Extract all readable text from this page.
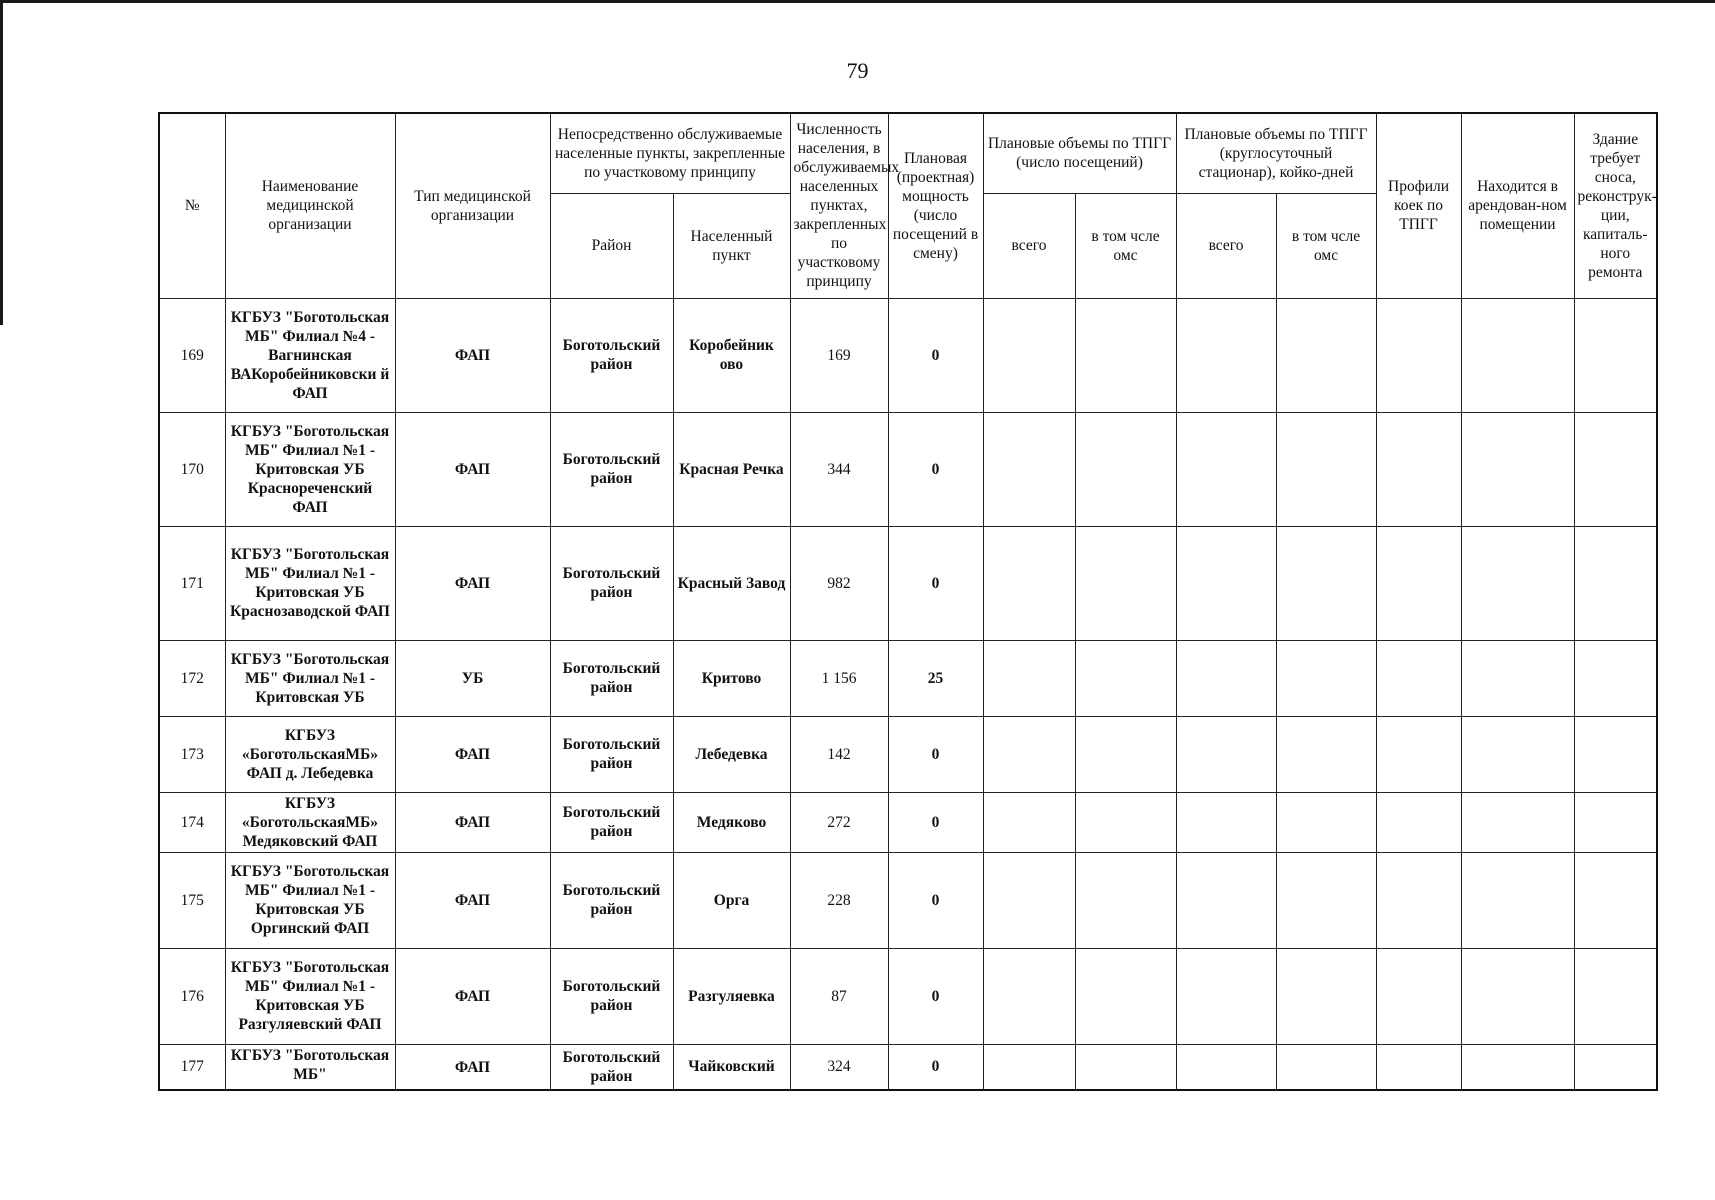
79
№	Наименование медицинской организации	Тип медицинской организации	Непосредственно обслуживаемые населенные пункты, закрепленные по участковому принципу		Численность населения, в обслуживаемых населенных пунктах, закрепленных по участковому принципу	Плановая (проектная) мощность (число посещений в смену)	Плановые объемы по ТПГГ (число посещений)		Плановые объемы по ТПГГ (круглосуточный стационар), койко-дней		Профили коек по ТПГГ	Находится в арендован-ном помещении	Здание требует сноса, реконструк-ции, капиталь-ного ремонта
			Район	Населенный пункт			всего	в том чсле омс	всего	в том чсле омс			
169	КГБУЗ "Боготольская МБ" Филиал №4 - Вагнинская ВАКоробейниковски й ФАП	ФАП	Боготольский район	Коробейник ово	169	0							
170	КГБУЗ "Боготольская МБ" Филиал №1 - Критовская УБ Краснореченский ФАП	ФАП	Боготольский район	Красная Речка	344	0							
171	КГБУЗ "Боготольская МБ" Филиал №1 - Критовская УБ Краснозаводской ФАП	ФАП	Боготольский район	Красный Завод	982	0							
172	КГБУЗ "Боготольская МБ" Филиал №1 - Критовская УБ	УБ	Боготольский район	Критово	1 156	25							
173	КГБУЗ «БоготольскаяМБ» ФАП д. Лебедевка	ФАП	Боготольский район	Лебедевка	142	0							
174	КГБУЗ «БоготольскаяМБ» Медяковский ФАП	ФАП	Боготольский район	Медяково	272	0							
175	КГБУЗ "Боготольская МБ" Филиал №1 - Критовская УБ Оргинский ФАП	ФАП	Боготольский район	Орга	228	0							
176	КГБУЗ "Боготольская МБ" Филиал №1 - Критовская УБ Разгуляевский ФАП	ФАП	Боготольский район	Разгуляевка	87	0							
177	КГБУЗ "Боготольская МБ"	ФАП	Боготольский район	Чайковский	324	0							
